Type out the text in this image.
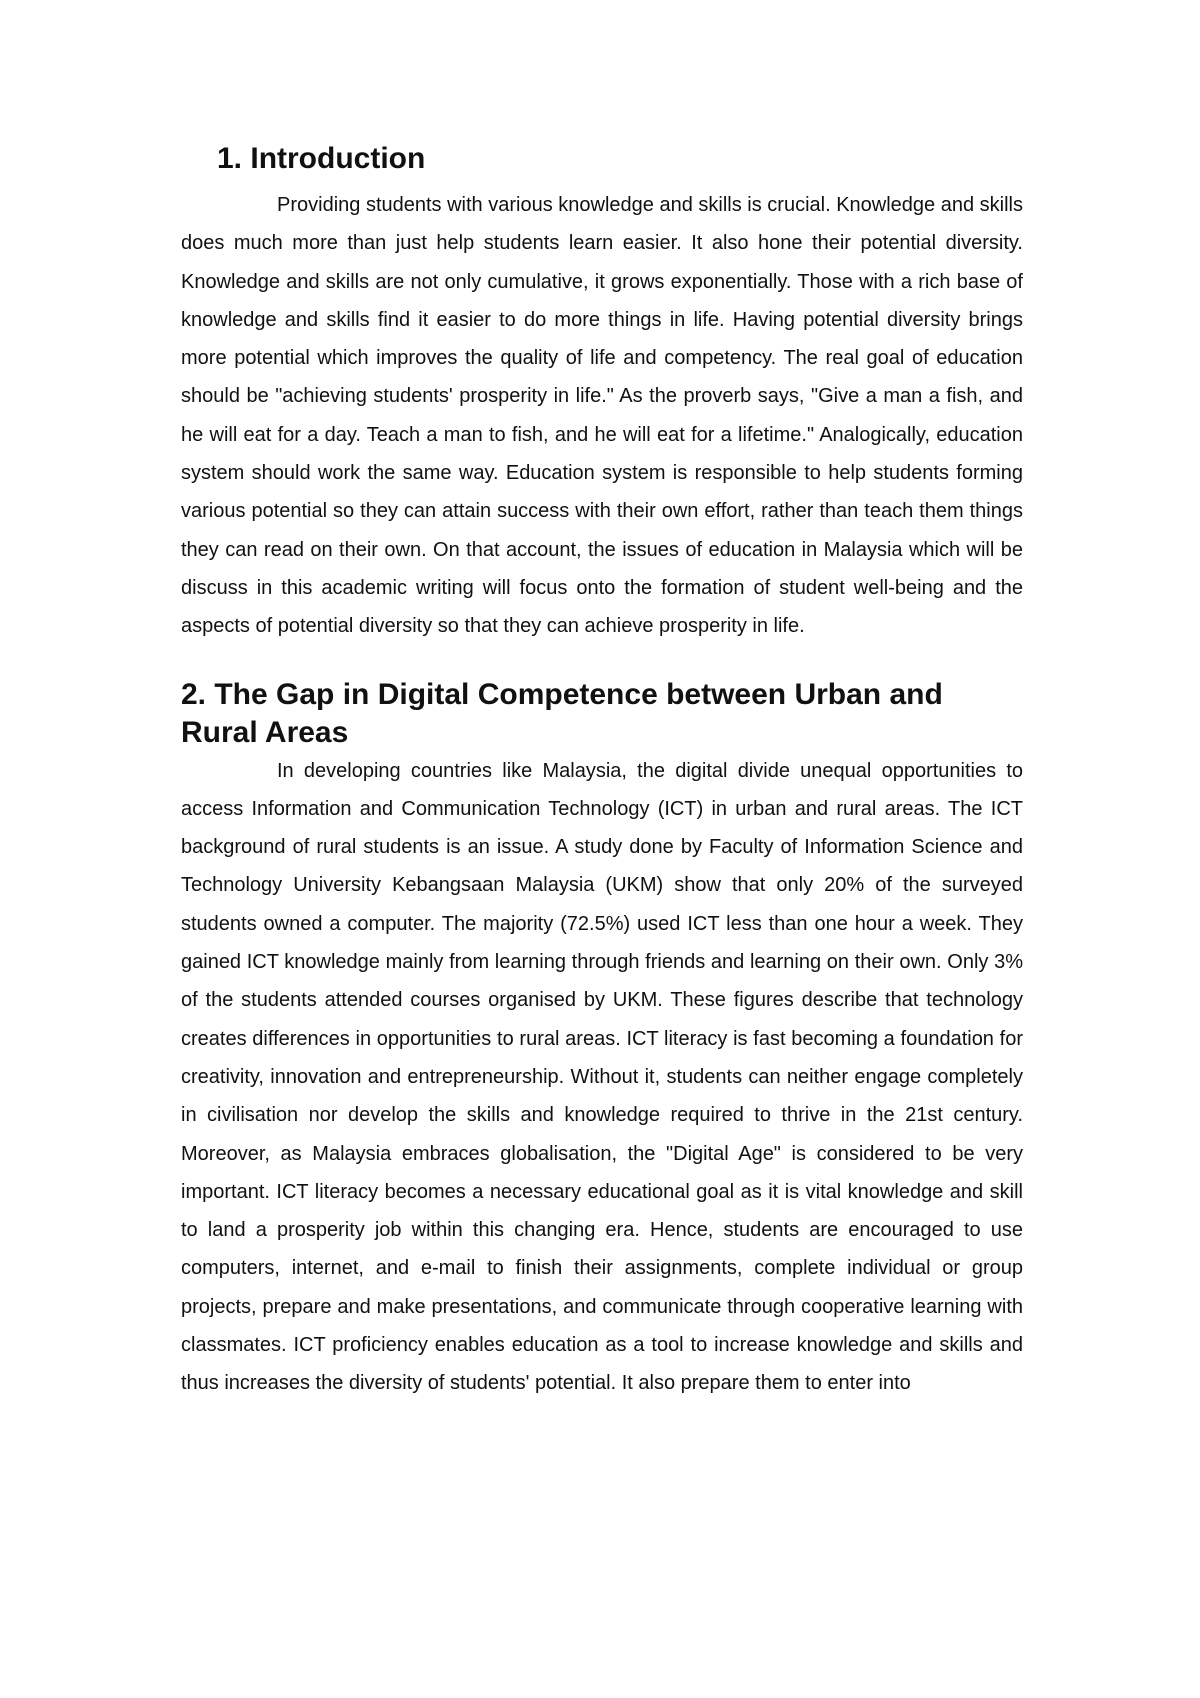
1. Introduction

Providing students with various knowledge and skills is crucial. Knowledge and skills does much more than just help students learn easier. It also hone their potential diversity. Knowledge and skills are not only cumulative, it grows exponentially. Those with a rich base of knowledge and skills find it easier to do more things in life. Having potential diversity brings more potential which improves the quality of life and competency. The real goal of education should be "achieving students' prosperity in life." As the proverb says, "Give a man a fish, and he will eat for a day. Teach a man to fish, and he will eat for a lifetime." Analogically, education system should work the same way. Education system is responsible to help students forming various potential so they can attain success with their own effort, rather than teach them things they can read on their own. On that account, the issues of education in Malaysia which will be discuss in this academic writing will focus onto the formation of student well-being and the aspects of potential diversity so that they can achieve prosperity in life.

2. The Gap in Digital Competence between Urban and Rural Areas

In developing countries like Malaysia, the digital divide unequal opportunities to access Information and Communication Technology (ICT) in urban and rural areas. The ICT background of rural students is an issue. A study done by Faculty of Information Science and Technology University Kebangsaan Malaysia (UKM) show that only 20% of the surveyed students owned a computer. The majority (72.5%) used ICT less than one hour a week. They gained ICT knowledge mainly from learning through friends and learning on their own. Only 3% of the students attended courses organised by UKM. These figures describe that technology creates differences in opportunities to rural areas. ICT literacy is fast becoming a foundation for creativity, innovation and entrepreneurship. Without it, students can neither engage completely in civilisation nor develop the skills and knowledge required to thrive in the 21st century. Moreover, as Malaysia embraces globalisation, the "Digital Age" is considered to be very important. ICT literacy becomes a necessary educational goal as it is vital knowledge and skill to land a prosperity job within this changing era. Hence, students are encouraged to use computers, internet, and e-mail to finish their assignments, complete individual or group projects, prepare and make presentations, and communicate through cooperative learning with classmates. ICT proficiency enables education as a tool to increase knowledge and skills and thus increases the diversity of students' potential. It also prepare them to enter into
